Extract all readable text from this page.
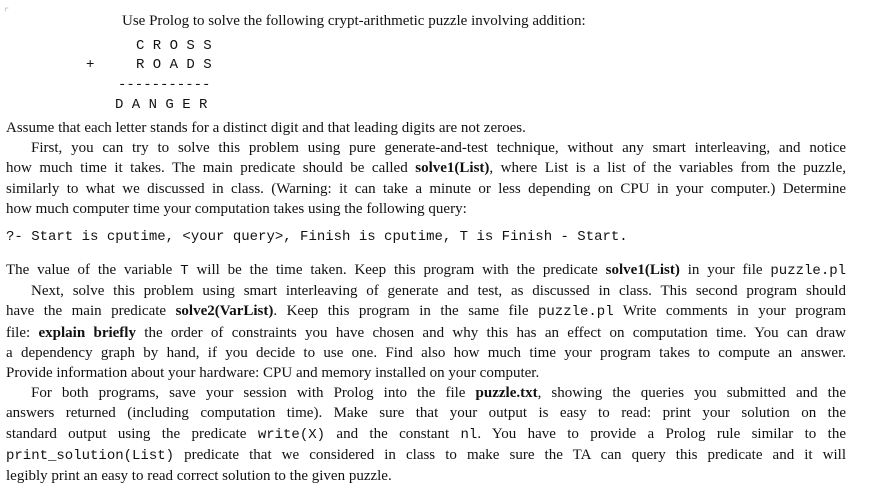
⌜	Use Prolog to solve the following crypt-arithmetic puzzle involving addition:
C R O S S
+	R O A D S
-----------
D A N G E R
Assume that each letter stands for a distinct digit and that leading digits are not zeroes.
First, you can try to solve this problem using pure generate-and-test technique, without any smart interleaving, and notice
how much time it takes. The main predicate should be called solve1(List), where List is a list of the variables from the puzzle,
similarly to what we discussed in class. (Warning: it can take a minute or less depending on CPU in your computer.) Determine
how much computer time your computation takes using the following query:
?- Start is cputime, <your query>, Finish is cputime, T is Finish - Start.
The value of the variable T will be the time taken. Keep this program with the predicate solve1(List) in your file puzzle.pl
Next, solve this problem using smart interleaving of generate and test, as discussed in class. This second program should
have the main predicate solve2(VarList). Keep this program in the same file puzzle.pl Write comments in your program
file: explain briefly the order of constraints you have chosen and why this has an effect on computation time. You can draw
a dependency graph by hand, if you decide to use one. Find also how much time your program takes to compute an answer.
Provide information about your hardware: CPU and memory installed on your computer.
For both programs, save your session with Prolog into the file puzzle.txt, showing the queries you submitted and the
answers returned (including computation time). Make sure that your output is easy to read: print your solution on the
standard output using the predicate write(X) and the constant nl. You have to provide a Prolog rule similar to the
print_solution(List) predicate that we considered in class to make sure the TA can query this predicate and it will
legibly print an easy to read correct solution to the given puzzle.
